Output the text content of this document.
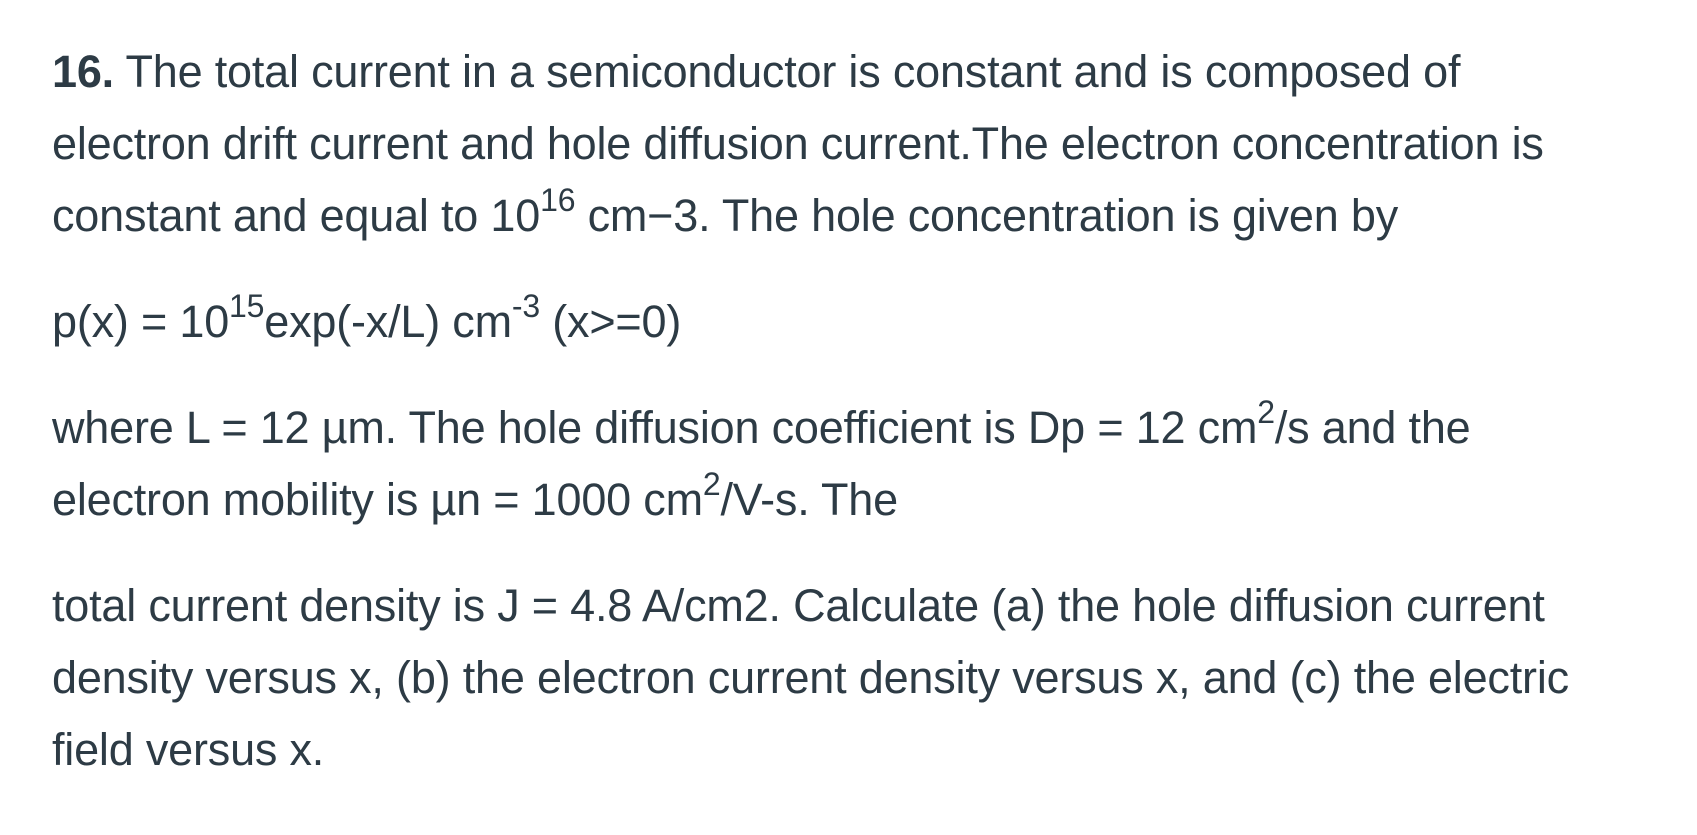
16. The total current in a semiconductor is constant and is composed of
electron drift current and hole diffusion current.The electron concentration is
constant and equal to $10^{16}$ cm−3. The hole concentration is given by

$p(x) = 10^{15}\exp(-x/L)$ $cm^{-3}$ (x>=0)

where L = 12 µm. The hole diffusion coefficient is Dp = 12 $cm^2/s$ and the
electron mobility is µn = 1000 $cm^2/V-s$. The

total current density is J = 4.8 A/cm2. Calculate (a) the hole diffusion current
density versus x, (b) the electron current density versus x, and (c) the electric
field versus x.
